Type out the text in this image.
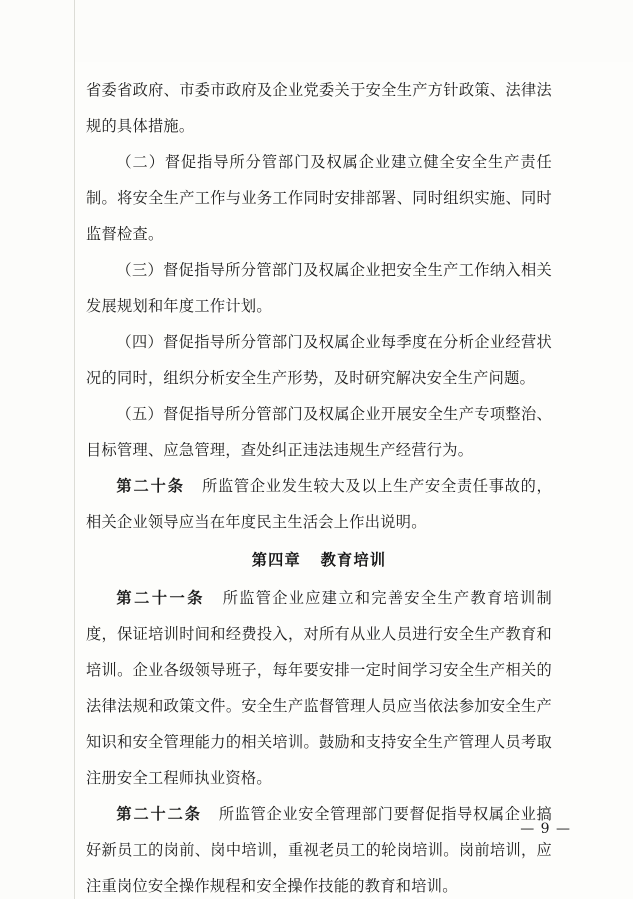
省委省政府、市委市政府及企业党委关于安全生产方针政策、法律法规的具体措施。

（二）督促指导所分管部门及权属企业建立健全安全生产责任制。将安全生产工作与业务工作同时安排部署、同时组织实施、同时监督检查。

（三）督促指导所分管部门及权属企业把安全生产工作纳入相关发展规划和年度工作计划。

（四）督促指导所分管部门及权属企业每季度在分析企业经营状况的同时，组织分析安全生产形势，及时研究解决安全生产问题。

（五）督促指导所分管部门及权属企业开展安全生产专项整治、目标管理、应急管理，查处纠正违法违规生产经营行为。

第二十条 所监管企业发生较大及以上生产安全责任事故的，相关企业领导应当在年度民主生活会上作出说明。

第四章 教育培训

第二十一条 所监管企业应建立和完善安全生产教育培训制度，保证培训时间和经费投入，对所有从业人员进行安全生产教育和培训。企业各级领导班子，每年要安排一定时间学习安全生产相关的法律法规和政策文件。安全生产监督管理人员应当依法参加安全生产知识和安全管理能力的相关培训。鼓励和支持安全生产管理人员考取注册安全工程师执业资格。

第二十二条 所监管企业安全管理部门要督促指导权属企业搞好新员工的岗前、岗中培训，重视老员工的轮岗培训。岗前培训，应注重岗位安全操作规程和安全操作技能的教育和培训。

— 9 —
